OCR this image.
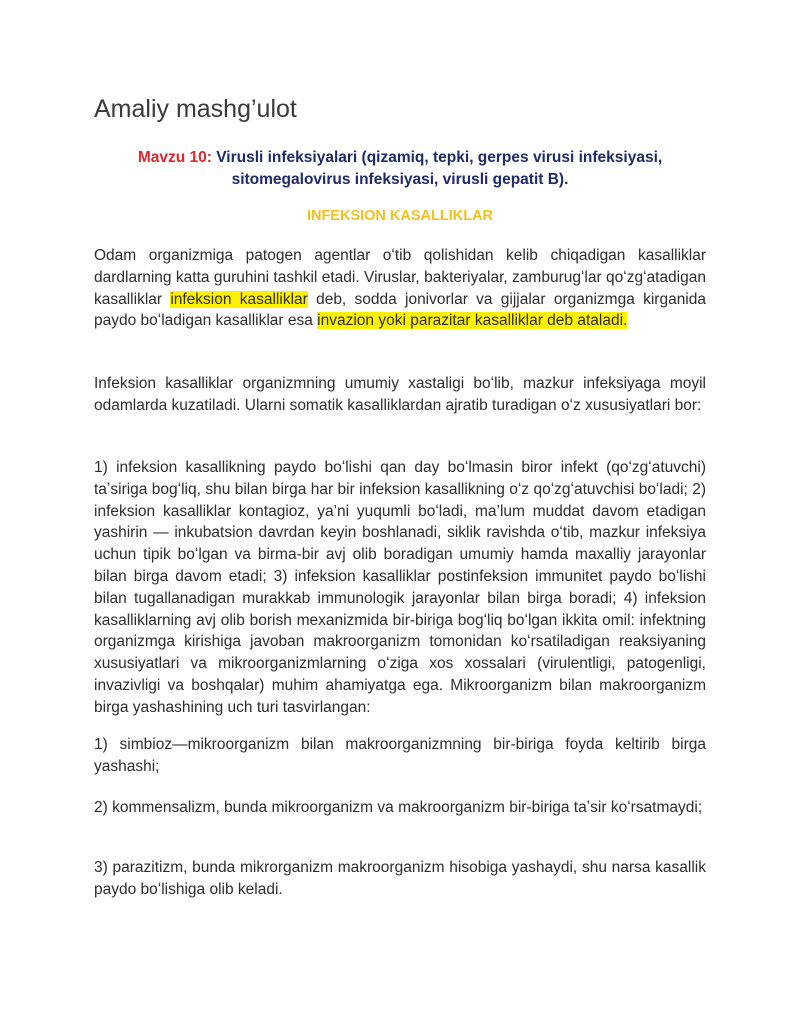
Amaliy mashg’ulot
Mavzu 10: Virusli infeksiyalari (qizamiq, tepki, gerpes virusi infeksiyasi, sitomegalovirus infeksiyasi, virusli gepatit B).
INFEKSION KASALLIKLAR
Odam organizmiga patogen agentlar oʻtib qolishidan kelib chiqadigan kasalliklar dardlarning katta guruhini tashkil etadi. Viruslar, bakteriyalar, zamburugʻlar qoʻzgʻatadigan kasalliklar infeksion kasalliklar deb, sodda jonivorlar va gijjalar organizmga kirganida paydo boʻladigan kasalliklar esa invazion yoki parazitar kasalliklar deb ataladi.
Infeksion kasalliklar organizmning umumiy xastaligi boʻlib, mazkur infeksiyaga moyil odamlarda kuzatiladi. Ularni somatik kasalliklardan ajratib turadigan oʻz xususiyatlari bor:
1) infeksion kasallikning paydo boʻlishi qan day boʻlmasin biror infekt (qoʻzgʻatuvchi) taʼsiriga bogʻliq, shu bilan birga har bir infeksion kasallikning oʻz qoʻzgʻatuvchisi boʻladi; 2) infeksion kasalliklar kontagioz, ya’ni yuqumli boʻladi, ma’lum muddat davom etadigan yashirin — inkubatsion davrdan keyin boshlanadi, siklik ravishda oʻtib, mazkur infeksiya uchun tipik boʻlgan va birma-bir avj olib boradigan umumiy hamda maxalliy jarayonlar bilan birga davom etadi; 3) infeksion kasalliklar postinfeksion immunitet paydo boʻlishi bilan tugallanadigan murakkab immunologik jarayonlar bilan birga boradi; 4) infeksion kasalliklarning avj olib borish mexanizmida bir-biriga bogʻliq boʻlgan ikkita omil: infektning organizmga kirishiga javoban makroorganizm tomonidan koʻrsatiladigan reaksiyaning xususiyatlari va mikroorganizmlarning oʻziga xos xossalari (virulentligi, patogenligi, invazivligi va boshqalar) muhim ahamiyatga ega. Mikroorganizm bilan makroorganizm birga yashashining uch turi tasvirlangan:
1) simbioz—mikroorganizm bilan makroorganizmning bir-biriga foyda keltirib birga yashashi;
2) kommensalizm, bunda mikroorganizm va makroorganizm bir-biriga taʼsir koʻrsatmaydi;
3) parazitizm, bunda mikrorganizm makroorganizm hisobiga yashaydi, shu narsa kasallik paydo boʻlishiga olib keladi.
